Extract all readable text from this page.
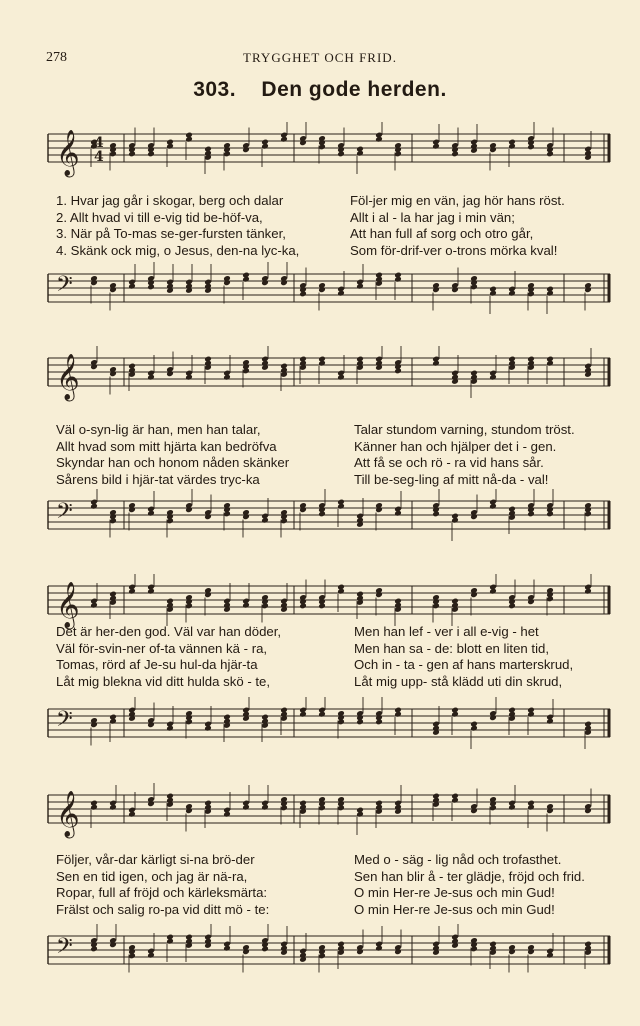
278	TRYGGHET OCH FRID.
303. Den gode herden.
𝄞 4
4
1. Hvar jag går i skogar, berg och dalar	Föl-jer mig en vän, jag hör hans röst.
2. Allt hvad vi till e-vig tid be-höf-va,	Allt i al - la har jag i min vän;
3. När på To-mas se-ger-fursten tänker,	Att han full af sorg och otro går,
4. Skänk ock mig, o Jesus, den-na lyc-ka,	Som för-drif-ver o-trons mörka kval!
𝄢
𝄞
Väl o-syn-lig är han, men han talar,	Talar stundom varning, stundom tröst.
Allt hvad som mitt hjärta kan bedröfva	Känner han och hjälper det i - gen.
Skyndar han och honom nåden skänker	Att få se och rö - ra vid hans sår.
Sårens bild i hjär-tat värdes tryc-ka	Till be-seg-ling af mitt nå-da - val!
𝄢
𝄞
Det är her-den god. Väl var han döder,	Men han lef - ver i all e-vig - het
Väl för-svin-ner of-ta vännen kä - ra,	Men han sa - de: blott en liten tid,
Tomas, rörd af Je-su hul-da hjär-ta	Och in - ta - gen af hans marterskrud,
Låt mig blekna vid ditt hulda skö - te,	Låt mig upp- stå klädd uti din skrud,
𝄢
𝄞
Följer, vår-dar kärligt si-na brö-der	Med o - säg - lig nåd och trofasthet.
Sen en tid igen, och jag är nä-ra,	Sen han blir å - ter glädje, fröjd och frid.
Ropar, full af fröjd och kärleksmärta:	O min Her-re Je-sus och min Gud!
Frälst och salig ro-pa vid ditt mö - te:	O min Her-re Je-sus och min Gud!
𝄢
